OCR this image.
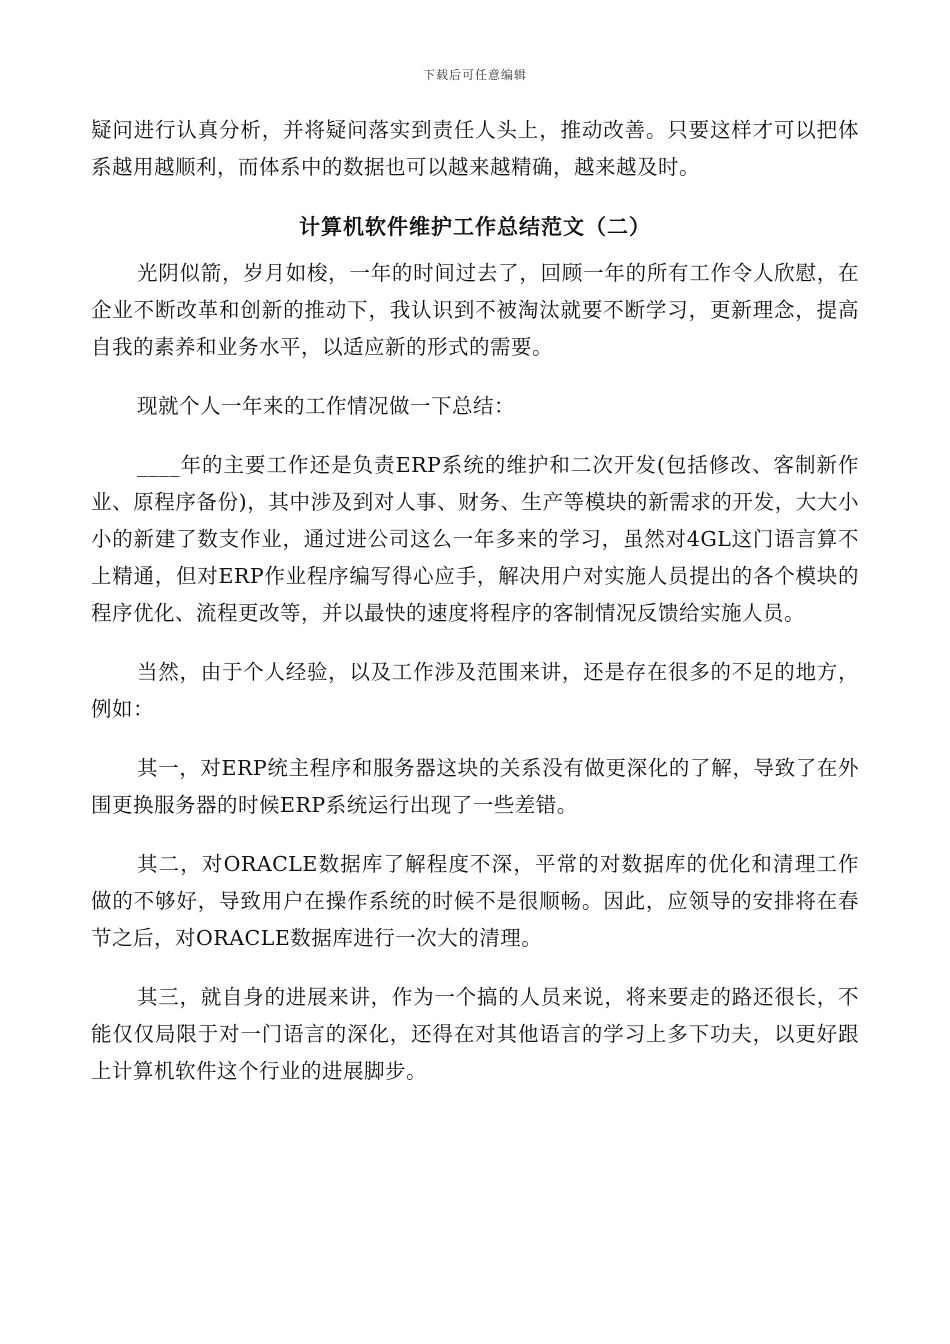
下载后可任意编辑

疑问进行认真分析，并将疑问落实到责任人头上，推动改善。只要这样才可以把体系越用越顺利，而体系中的数据也可以越来越精确，越来越及时。

计算机软件维护工作总结范文（二）

光阴似箭，岁月如梭，一年的时间过去了，回顾一年的所有工作令人欣慰，在企业不断改革和创新的推动下，我认识到不被淘汰就要不断学习，更新理念，提高自我的素养和业务水平，以适应新的形式的需要。

现就个人一年来的工作情况做一下总结：

____年的主要工作还是负责ERP系统的维护和二次开发(包括修改、客制新作业、原程序备份)，其中涉及到对人事、财务、生产等模块的新需求的开发，大大小小的新建了数支作业，通过进公司这么一年多来的学习，虽然对4GL这门语言算不上精通，但对ERP作业程序编写得心应手，解决用户对实施人员提出的各个模块的程序优化、流程更改等，并以最快的速度将程序的客制情况反馈给实施人员。

当然，由于个人经验，以及工作涉及范围来讲，还是存在很多的不足的地方，例如：

其一，对ERP统主程序和服务器这块的关系没有做更深化的了解，导致了在外围更换服务器的时候ERP系统运行出现了一些差错。

其二，对ORACLE数据库了解程度不深，平常的对数据库的优化和清理工作做的不够好，导致用户在操作系统的时候不是很顺畅。因此，应领导的安排将在春节之后，对ORACLE数据库进行一次大的清理。

其三，就自身的进展来讲，作为一个搞的人员来说，将来要走的路还很长，不能仅仅局限于对一门语言的深化，还得在对其他语言的学习上多下功夫，以更好跟上计算机软件这个行业的进展脚步。
